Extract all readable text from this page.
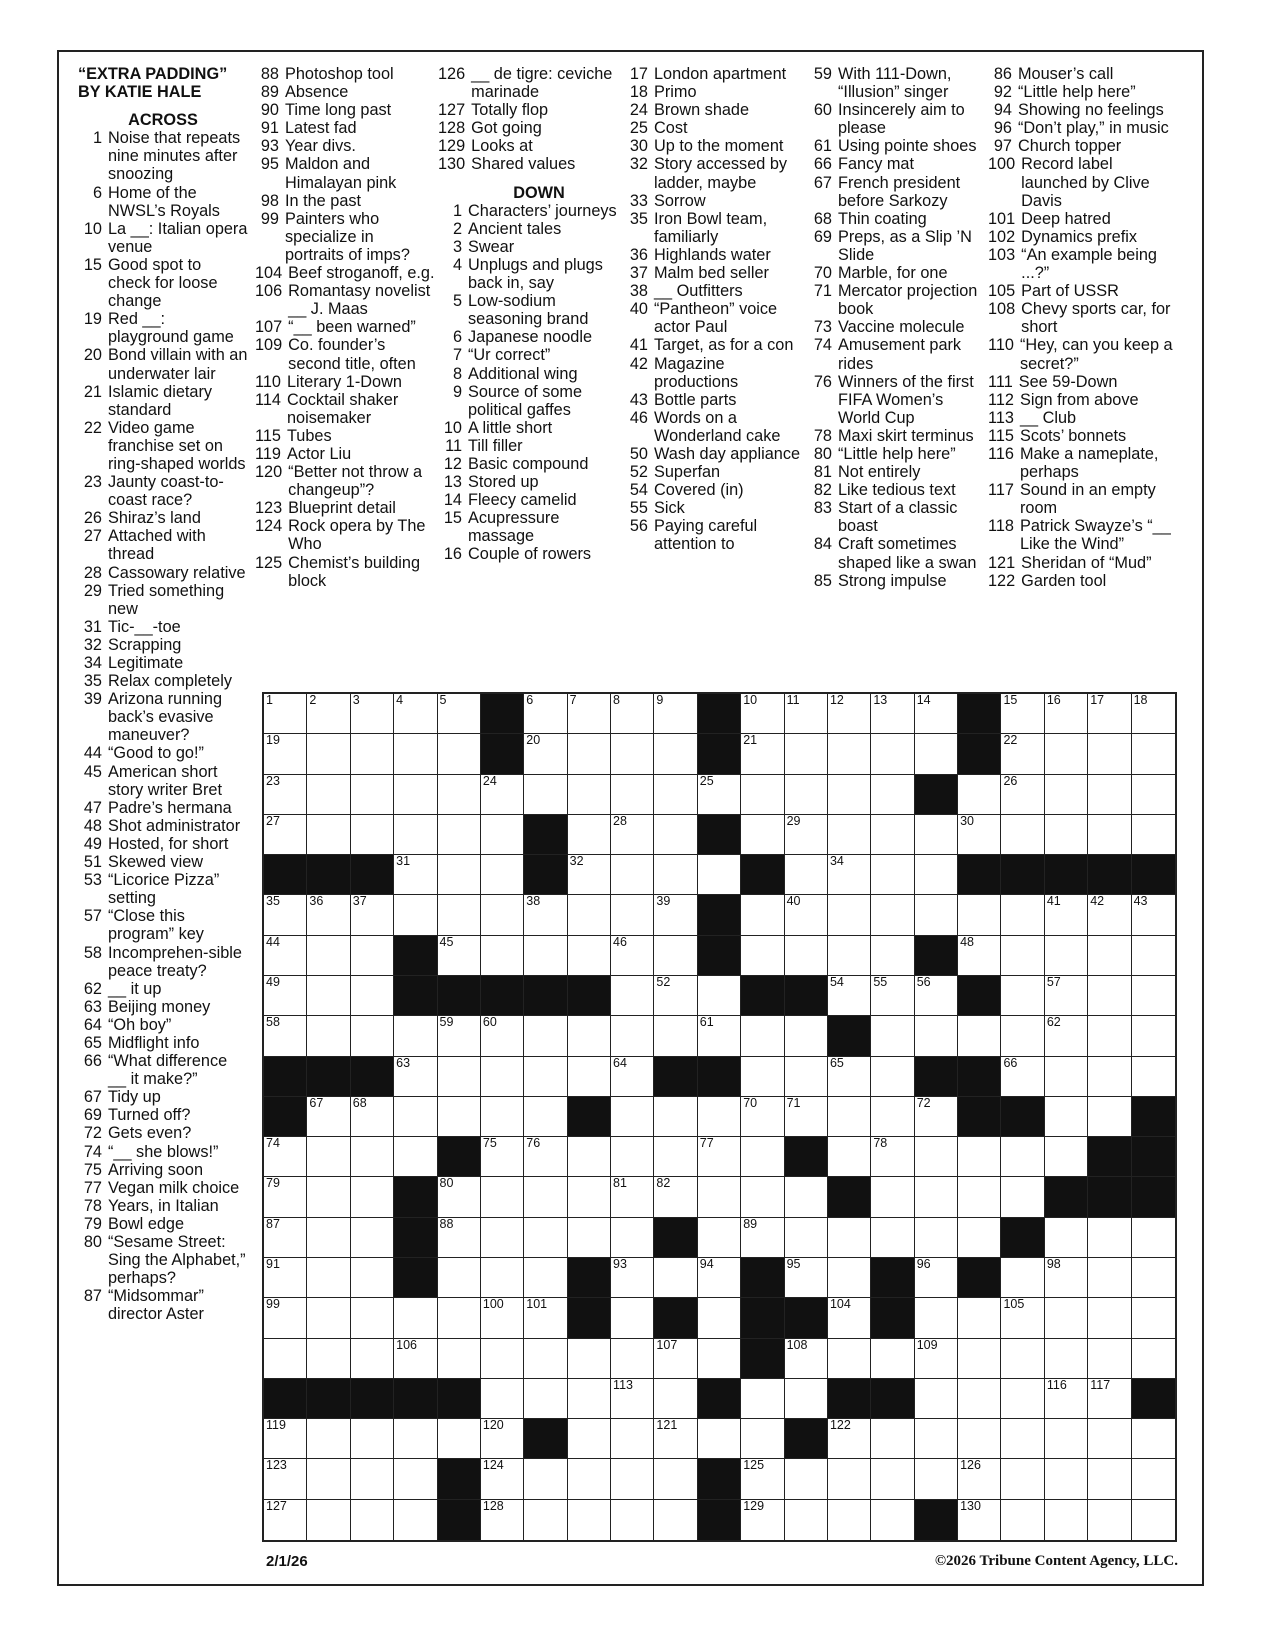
“EXTRA PADDING”
BY KATIE HALE
ACROSS
1 Noise that repeats nine minutes after snoozing
6 Home of the NWSL’s Royals
10 La __: Italian opera venue
15 Good spot to check for loose change
19 Red __: playground game
20 Bond villain with an underwater lair
21 Islamic dietary standard
22 Video game franchise set on ring-shaped worlds
23 Jaunty coast-to-coast race?
26 Shiraz’s land
27 Attached with thread
28 Cassowary relative
29 Tried something new
31 Tic-__-toe
32 Scrapping
34 Legitimate
35 Relax completely
39 Arizona running back’s evasive maneuver?
44 “Good to go!”
45 American short story writer Bret
47 Padre’s hermana
48 Shot administrator
49 Hosted, for short
51 Skewed view
53 “Licorice Pizza” setting
57 “Close this program” key
58 Incomprehen-sible peace treaty?
62 __ it up
63 Beijing money
64 “Oh boy”
65 Midflight info
66 “What difference __ it make?”
67 Tidy up
69 Turned off?
72 Gets even?
74 “__ she blows!”
75 Arriving soon
77 Vegan milk choice
78 Years, in Italian
79 Bowl edge
80 “Sesame Street: Sing the Alphabet,” perhaps?
87 “Midsommar” director Aster
88 Photoshop tool
89 Absence
90 Time long past
91 Latest fad
93 Year divs.
95 Maldon and Himalayan pink
98 In the past
99 Painters who specialize in portraits of imps?
104 Beef stroganoff, e.g.
106 Romantasy novelist __ J. Maas
107 “__ been warned”
109 Co. founder’s second title, often
110 Literary 1-Down
114 Cocktail shaker noisemaker
115 Tubes
119 Actor Liu
120 “Better not throw a changeup”?
123 Blueprint detail
124 Rock opera by The Who
125 Chemist’s building block
126 __ de tigre: ceviche marinade
127 Totally flop
128 Got going
129 Looks at
130 Shared values
DOWN
1 Characters’ journeys
2 Ancient tales
3 Swear
4 Unplugs and plugs back in, say
5 Low-sodium seasoning brand
6 Japanese noodle
7 “Ur correct”
8 Additional wing
9 Source of some political gaffes
10 A little short
11 Till filler
12 Basic compound
13 Stored up
14 Fleecy camelid
15 Acupressure massage
16 Couple of rowers
17 London apartment
18 Primo
24 Brown shade
25 Cost
30 Up to the moment
32 Story accessed by ladder, maybe
33 Sorrow
35 Iron Bowl team, familiarly
36 Highlands water
37 Malm bed seller
38 __ Outfitters
40 “Pantheon” voice actor Paul
41 Target, as for a con
42 Magazine productions
43 Bottle parts
46 Words on a Wonderland cake
50 Wash day appliance
52 Superfan
54 Covered (in)
55 Sick
56 Paying careful attention to
59 With 111-Down, “Illusion” singer
60 Insincerely aim to please
61 Using pointe shoes
66 Fancy mat
67 French president before Sarkozy
68 Thin coating
69 Preps, as a Slip ’N Slide
70 Marble, for one
71 Mercator projection book
73 Vaccine molecule
74 Amusement park rides
76 Winners of the first FIFA Women’s World Cup
78 Maxi skirt terminus
80 “Little help here”
81 Not entirely
82 Like tedious text
83 Start of a classic boast
84 Craft sometimes shaped like a swan
85 Strong impulse
86 Mouser’s call
92 “Little help here”
94 Showing no feelings
96 “Don’t play,” in music
97 Church topper
100 Record label launched by Clive Davis
101 Deep hatred
102 Dynamics prefix
103 “An example being ...?”
105 Part of USSR
108 Chevy sports car, for short
110 “Hey, can you keep a secret?”
111 See 59-Down
112 Sign from above
113 __ Club
115 Scots’ bonnets
116 Make a nameplate, perhaps
117 Sound in an empty room
118 Patrick Swayze’s “__ Like the Wind”
121 Sheridan of “Mud”
122 Garden tool
1	2	3	4	5	6	7	8	9	10 11 12 13 14	15 16 17 18
19	20	21	22
23	24	25	26
27	28	29	30
31	32	34
35 36 37	38	39	40	41 42 43
44	45	46	48
49	52	54 55 56	57
58	59 60	61	62
63	64	65	66
67 68	70 71	72
74	75 76	77	78
79	80	81 82
87	88	89
91	93	94	95	96	98
99	100 101	104	105
106	107	108	109
113	116 117
119	120	121	122
123	124	125	126
127	128	129	130
2/1/26	©2026 Tribune Content Agency, LLC.
